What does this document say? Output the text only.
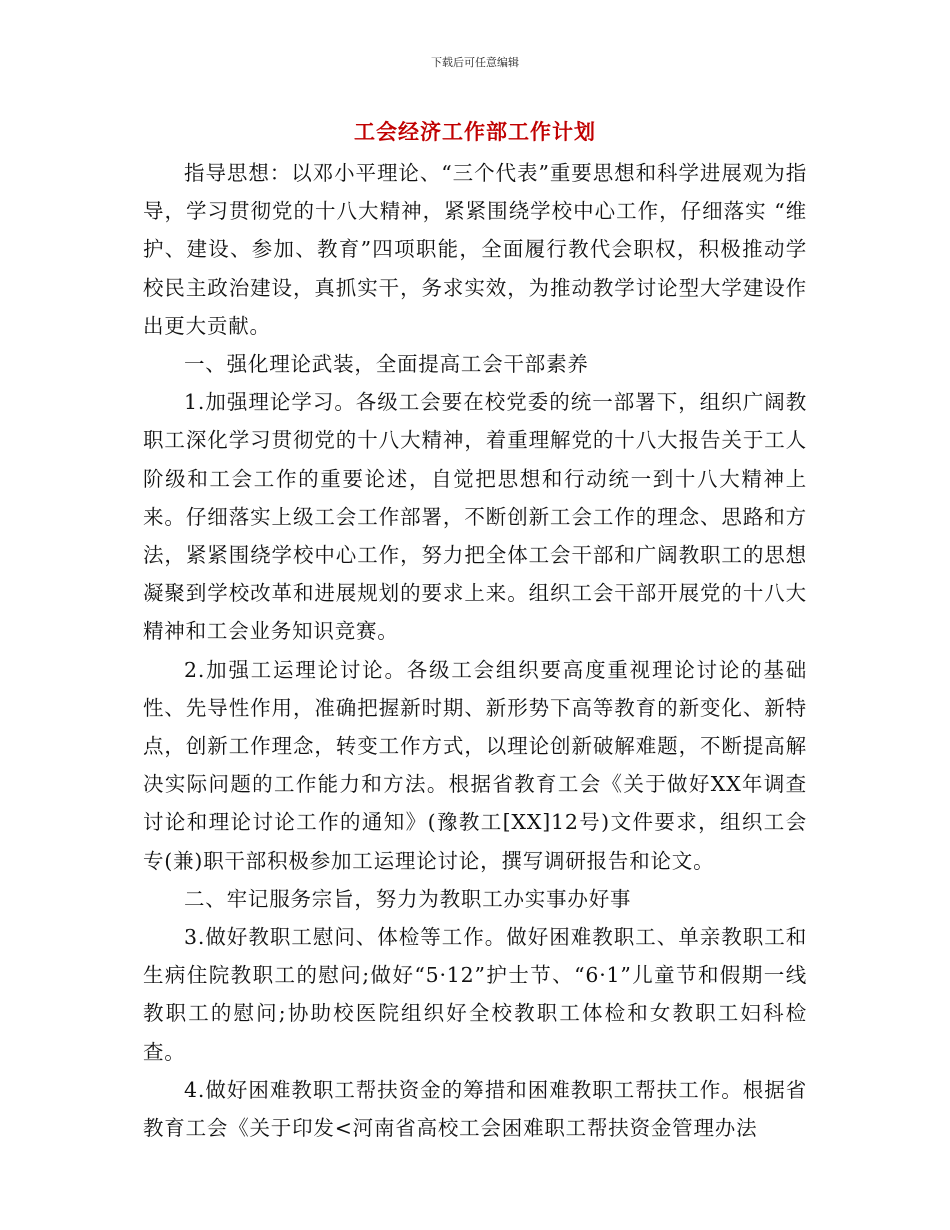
下载后可任意编辑
工会经济工作部工作计划

指导思想：以邓小平理论、“三个代表”重要思想和科学进展观为指导，学习贯彻党的十八大精神，紧紧围绕学校中心工作，仔细落实 “维护、建设、参加、教育”四项职能，全面履行教代会职权，积极推动学校民主政治建设，真抓实干，务求实效，为推动教学讨论型大学建设作出更大贡献。

一、强化理论武装，全面提高工会干部素养

1.加强理论学习。各级工会要在校党委的统一部署下，组织广阔教职工深化学习贯彻党的十八大精神，着重理解党的十八大报告关于工人阶级和工会工作的重要论述，自觉把思想和行动统一到十八大精神上来。仔细落实上级工会工作部署，不断创新工会工作的理念、思路和方法，紧紧围绕学校中心工作，努力把全体工会干部和广阔教职工的思想凝聚到学校改革和进展规划的要求上来。组织工会干部开展党的十八大精神和工会业务知识竞赛。

2.加强工运理论讨论。各级工会组织要高度重视理论讨论的基础性、先导性作用，准确把握新时期、新形势下高等教育的新变化、新特点，创新工作理念，转变工作方式，以理论创新破解难题，不断提高解决实际问题的工作能力和方法。根据省教育工会《关于做好XX年调查讨论和理论讨论工作的通知》(豫教工[XX]12号)文件要求，组织工会专(兼)职干部积极参加工运理论讨论，撰写调研报告和论文。

二、牢记服务宗旨，努力为教职工办实事办好事

3.做好教职工慰问、体检等工作。做好困难教职工、单亲教职工和生病住院教职工的慰问;做好“5·12”护士节、“6·1”儿童节和假期一线教职工的慰问;协助校医院组织好全校教职工体检和女教职工妇科检查。

4.做好困难教职工帮扶资金的筹措和困难教职工帮扶工作。根据省教育工会《关于印发<河南省高校工会困难职工帮扶资金管理办法
